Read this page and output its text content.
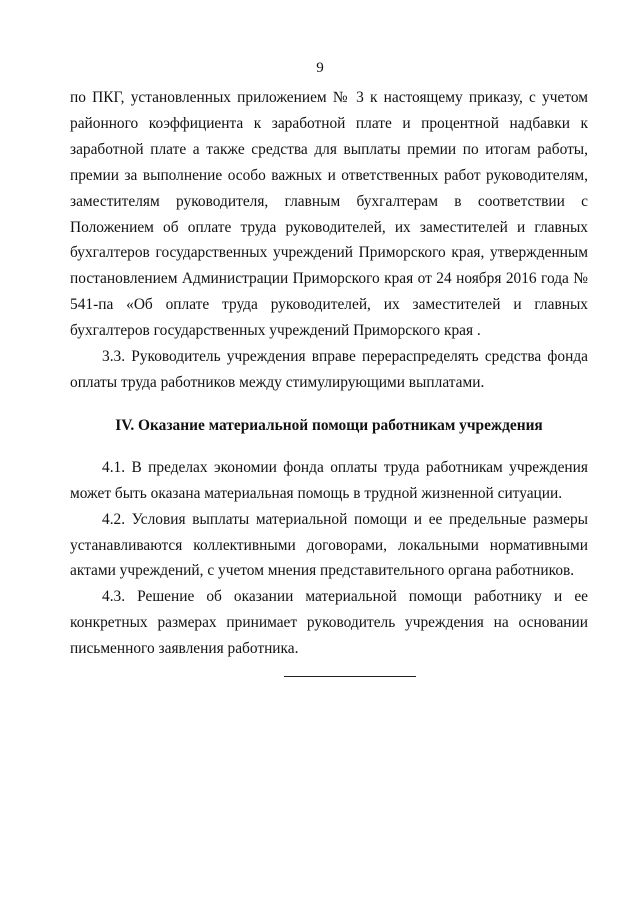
9

по ПКГ, установленных приложением № 3 к настоящему приказу, с учетом районного коэффициента к заработной плате и процентной надбавки к заработной плате а также средства для выплаты премии по итогам работы, премии за выполнение особо важных и ответственных работ руководителям, заместителям руководителя, главным бухгалтерам в соответствии с Положением об оплате труда руководителей, их заместителей и главных бухгалтеров государственных учреждений Приморского края, утвержденным постановлением Администрации Приморского края от 24 ноября 2016 года № 541-па «Об оплате труда руководителей, их заместителей и главных бухгалтеров государственных учреждений Приморского края .

3.3. Руководитель учреждения вправе перераспределять средства фонда оплаты труда работников между стимулирующими выплатами.

IV. Оказание материальной помощи работникам учреждения

4.1. В пределах экономии фонда оплаты труда работникам учреждения может быть оказана материальная помощь в трудной жизненной ситуации.

4.2. Условия выплаты материальной помощи и ее предельные размеры устанавливаются коллективными договорами, локальными нормативными актами учреждений, с учетом мнения представительного органа работников.

4.3. Решение об оказании материальной помощи работнику и ее конкретных размерах принимает руководитель учреждения на основании письменного заявления работника.
